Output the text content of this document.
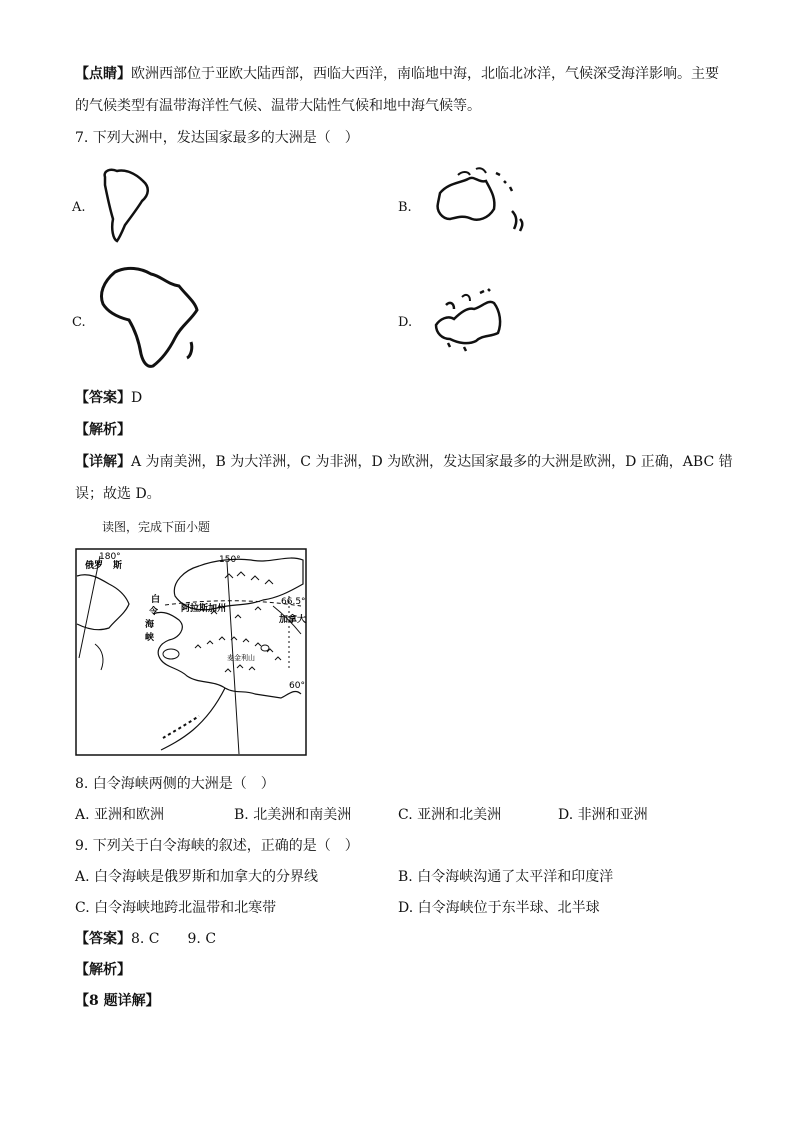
【点睛】欧洲西部位于亚欧大陆西部，西临大西洋，南临地中海，北临北冰洋，气候深受海洋影响。主要
的气候类型有温带海洋性气候、温带大陆性气候和地中海气候等。
7. 下列大洲中，发达国家最多的大洲是（　）
A.	B.
C.	D.
【答案】D
【解析】
【详解】A 为南美洲，B 为大洋洲，C 为非洲，D 为欧洲，发达国家最多的大洲是欧洲，D 正确，ABC 错
误；故选 D。
读图，完成下面小题
180°	150°
66.5°
60°
俄罗 斯
白
令
海
峡
阿拉斯加州
加拿大
麦金利山
8. 白令海峡两侧的大洲是（　）
A. 亚洲和欧洲	B. 北美洲和南美洲	C. 亚洲和北美洲	D. 非洲和亚洲
9. 下列关于白令海峡的叙述，正确的是（　）
A. 白令海峡是俄罗斯和加拿大的分界线	B. 白令海峡沟通了太平洋和印度洋
C. 白令海峡地跨北温带和北寒带	D. 白令海峡位于东半球、北半球
【答案】8. C　　9. C
【解析】
【8 题详解】
